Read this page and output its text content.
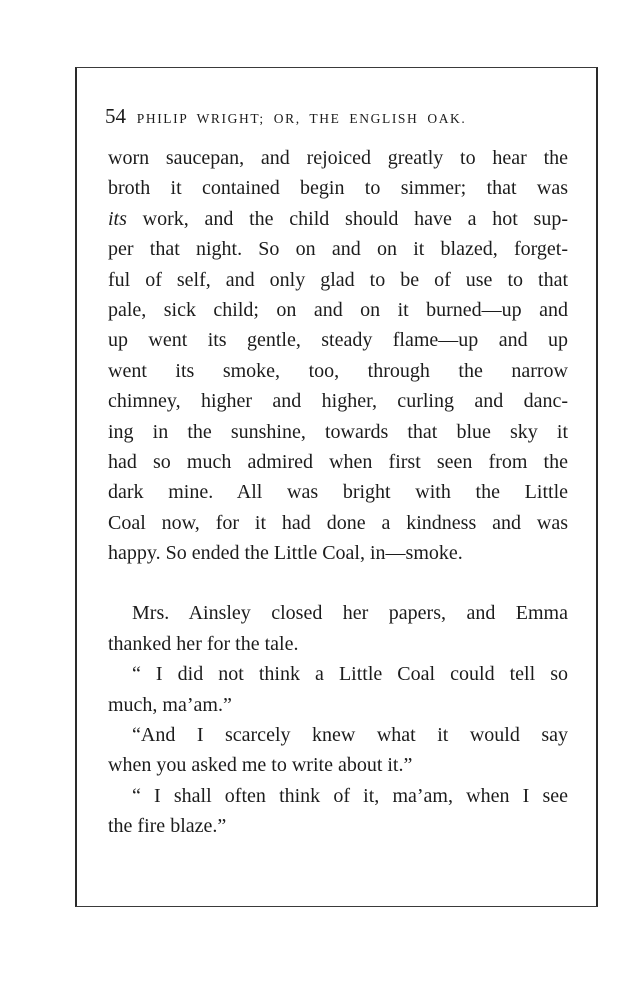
54 PHILIP WRIGHT; OR, THE ENGLISH OAK.
worn saucepan, and rejoiced greatly to hear the
broth it contained begin to simmer; that was
its work, and the child should have a hot sup-
per that night. So on and on it blazed, forget-
ful of self, and only glad to be of use to that
pale, sick child; on and on it burned—up and
up went its gentle, steady flame—up and up
went its smoke, too, through the narrow
chimney, higher and higher, curling and danc-
ing in the sunshine, towards that blue sky it
had so much admired when first seen from the
dark mine. All was bright with the Little
Coal now, for it had done a kindness and was
happy. So ended the Little Coal, in—smoke.
Mrs. Ainsley closed her papers, and Emma
thanked her for the tale.
“ I did not think a Little Coal could tell so
much, ma’am.”
“And I scarcely knew what it would say
when you asked me to write about it.”
“ I shall often think of it, ma’am, when I see
the fire blaze.”
